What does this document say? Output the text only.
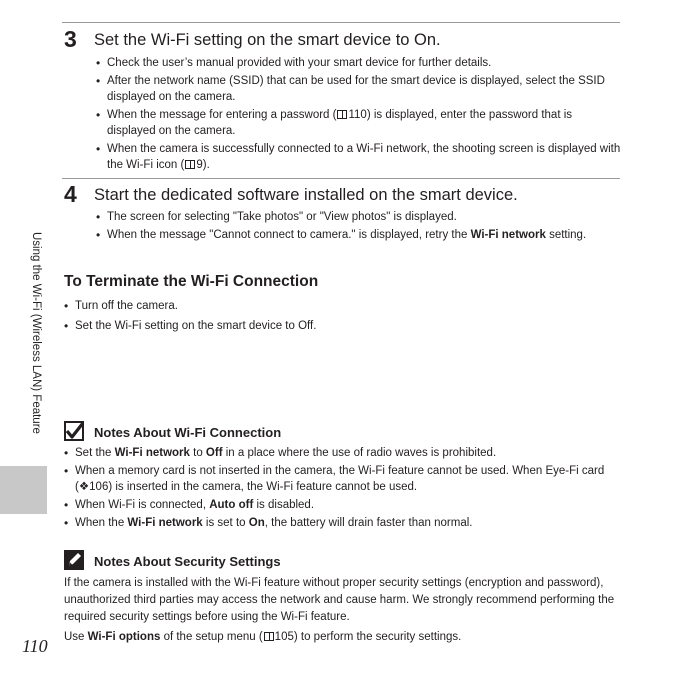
3 Set the Wi-Fi setting on the smart device to On.
• Check the user’s manual provided with your smart device for further details.
• After the network name (SSID) that can be used for the smart device is displayed, select the SSID displayed on the camera.
• When the message for entering a password ( 110) is displayed, enter the password that is displayed on the camera.
• When the camera is successfully connected to a Wi-Fi network, the shooting screen is displayed with the Wi-Fi icon ( 9).
4 Start the dedicated software installed on the smart device.
• The screen for selecting "Take photos" or "View photos" is displayed.
• When the message "Cannot connect to camera." is displayed, retry the Wi-Fi network setting.
To Terminate the Wi-Fi Connection
• Turn off the camera.
• Set the Wi-Fi setting on the smart device to Off.
Notes About Wi-Fi Connection
• Set the Wi-Fi network to Off in a place where the use of radio waves is prohibited.
• When a memory card is not inserted in the camera, the Wi-Fi feature cannot be used. When Eye-Fi card (❖106) is inserted in the camera, the Wi-Fi feature cannot be used.
• When Wi-Fi is connected, Auto off is disabled.
• When the Wi-Fi network is set to On, the battery will drain faster than normal.
Notes About Security Settings

If the camera is installed with the Wi-Fi feature without proper security settings (encryption and password), unauthorized third parties may access the network and cause harm. We strongly recommend performing the required security settings before using the Wi-Fi feature.

Use Wi-Fi options of the setup menu ( 105) to perform the security settings.

Using the Wi-Fi (Wireless LAN) Feature
110
